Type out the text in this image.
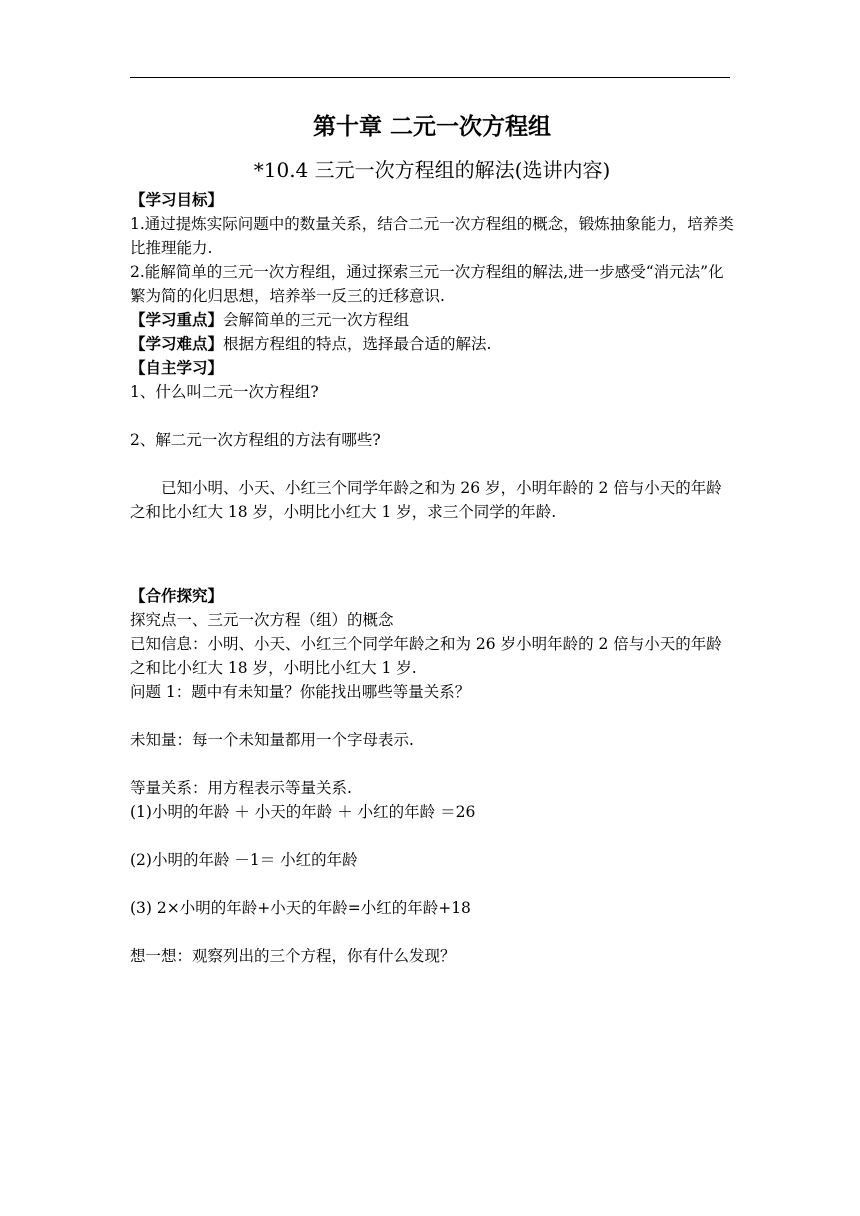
第十章 二元一次方程组
*10.4 三元一次方程组的解法(选讲内容)

【学习目标】

1.通过提炼实际问题中的数量关系，结合二元一次方程组的概念，锻炼抽象能力，培养类比推理能力.

2.能解简单的三元一次方程组，通过探索三元一次方程组的解法,进一步感受“消元法”化繁为简的化归思想，培养举一反三的迁移意识.

【学习重点】会解简单的三元一次方程组

【学习难点】根据方程组的特点，选择最合适的解法.

【自主学习】

1、什么叫二元一次方程组?

2、解二元一次方程组的方法有哪些?

已知小明、小天、小红三个同学年龄之和为 26 岁，小明年龄的 2 倍与小天的年龄之和比小红大 18 岁，小明比小红大 1 岁，求三个同学的年龄.

【合作探究】

探究点一、三元一次方程（组）的概念

已知信息：小明、小天、小红三个同学年龄之和为 26 岁小明年龄的 2 倍与小天的年龄之和比小红大 18 岁，小明比小红大 1 岁.

问题 1：题中有未知量？你能找出哪些等量关系？

未知量：每一个未知量都用一个字母表示.

等量关系：用方程表示等量关系.

(1)小明的年龄 ＋ 小天的年龄 ＋ 小红的年龄 ＝26

(2)小明的年龄 －1＝ 小红的年龄

(3) 2×小明的年龄+小天的年龄=小红的年龄+18

想一想：观察列出的三个方程，你有什么发现？
